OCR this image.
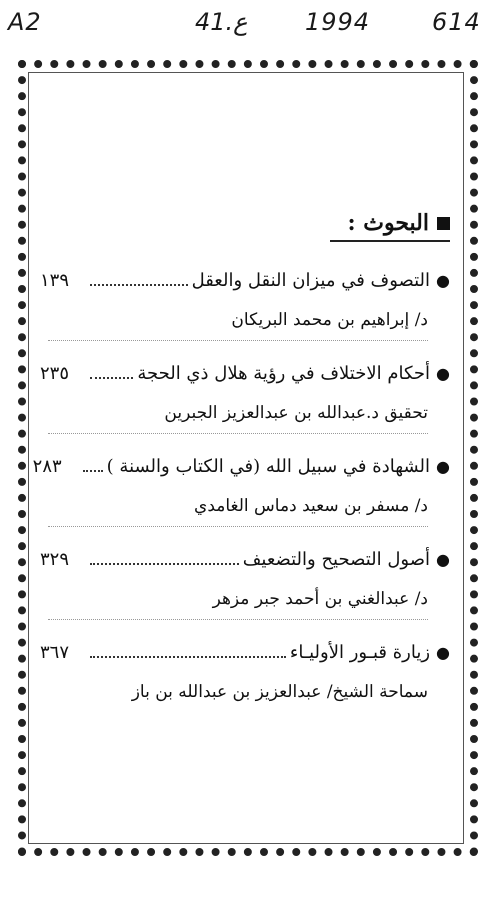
A2	41.ع 1994	614
البحوث :
●
التصوف في ميزان النقل والعقل
١٣٩
د/ إبراهيم بن محمد البريكان
●
أحكام الاختلاف في رؤية هلال ذي الحجة
٢٣٥
تحقيق د.عبدالله بن عبدالعزيز الجبرين
●
الشهادة في سبيل الله (في الكتاب والسنة )
٢٨٣
د/ مسفر بن سعيد دماس الغامدي
●
أصول التصحيح والتضعيف
٣٢٩
د/ عبدالغني بن أحمد جبر مزهر
●
زيارة قبـور الأوليـاء
٣٦٧
سماحة الشيخ/ عبدالعزيز بن عبدالله بن باز
